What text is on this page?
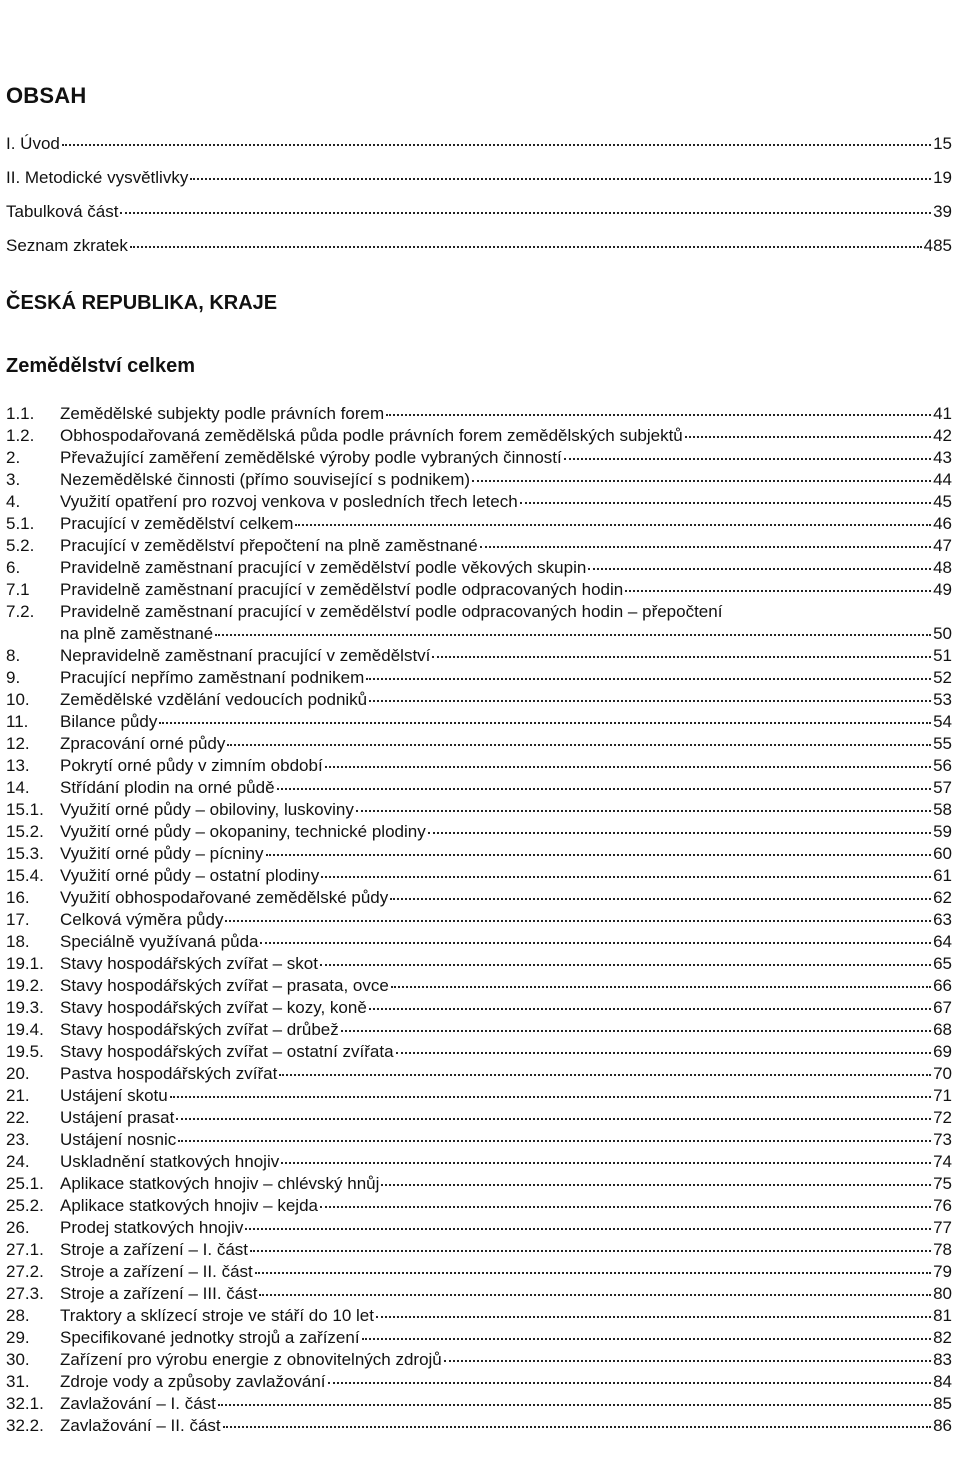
OBSAH
I. Úvod	15
II. Metodické vysvětlivky	19
Tabulková část	39
Seznam zkratek	485
ČESKÁ REPUBLIKA, KRAJE
Zemědělství celkem
1.1.	Zemědělské subjekty podle právních forem	41
1.2.	Obhospodařovaná zemědělská půda podle právních forem zemědělských subjektů	42
2.	Převažující zaměření zemědělské výroby podle vybraných činností	43
3.	Nezemědělské činnosti (přímo související s podnikem)	44
4.	Využití opatření pro rozvoj venkova v posledních třech letech	45
5.1.	Pracující v zemědělství celkem	46
5.2.	Pracující v zemědělství přepočtení na plně zaměstnané	47
6.	Pravidelně zaměstnaní pracující v zemědělství podle věkových skupin	48
7.1	Pravidelně zaměstnaní pracující v zemědělství podle odpracovaných hodin	49
7.2.	Pravidelně zaměstnaní pracující v zemědělství podle odpracovaných hodin – přepočtení
na plně zaměstnané	50
8.	Nepravidelně zaměstnaní pracující v zemědělství	51
9.	Pracující nepřímo zaměstnaní podnikem	52
10.	Zemědělské vzdělání vedoucích podniků	53
11.	Bilance půdy	54
12.	Zpracování orné půdy	55
13.	Pokrytí orné půdy v zimním období	56
14.	Střídání plodin na orné půdě	57
15.1. Využití orné půdy – obiloviny, luskoviny	58
15.2. Využití orné půdy – okopaniny, technické plodiny	59
15.3. Využití orné půdy – pícniny	60
15.4. Využití orné půdy – ostatní plodiny	61
16.	Využití obhospodařované zemědělské půdy	62
17.	Celková výměra půdy	63
18.	Speciálně využívaná půda	64
19.1. Stavy hospodářských zvířat – skot	65
19.2. Stavy hospodářských zvířat – prasata, ovce	66
19.3. Stavy hospodářských zvířat – kozy, koně	67
19.4. Stavy hospodářských zvířat – drůbež	68
19.5. Stavy hospodářských zvířat – ostatní zvířata	69
20.	Pastva hospodářských zvířat	70
21.	Ustájení skotu	71
22.	Ustájení prasat	72
23.	Ustájení nosnic	73
24.	Uskladnění statkových hnojiv	74
25.1. Aplikace statkových hnojiv – chlévský hnůj	75
25.2. Aplikace statkových hnojiv – kejda	76
26.	Prodej statkových hnojiv	77
27.1. Stroje a zařízení – I. část	78
27.2. Stroje a zařízení – II. část	79
27.3. Stroje a zařízení – III. část	80
28.	Traktory a sklízecí stroje ve stáří do 10 let	81
29.	Specifikované jednotky strojů a zařízení	82
30.	Zařízení pro výrobu energie z obnovitelných zdrojů	83
31.	Zdroje vody a způsoby zavlažování	84
32.1. Zavlažování – I. část	85
32.2. Zavlažování – II. část	86
